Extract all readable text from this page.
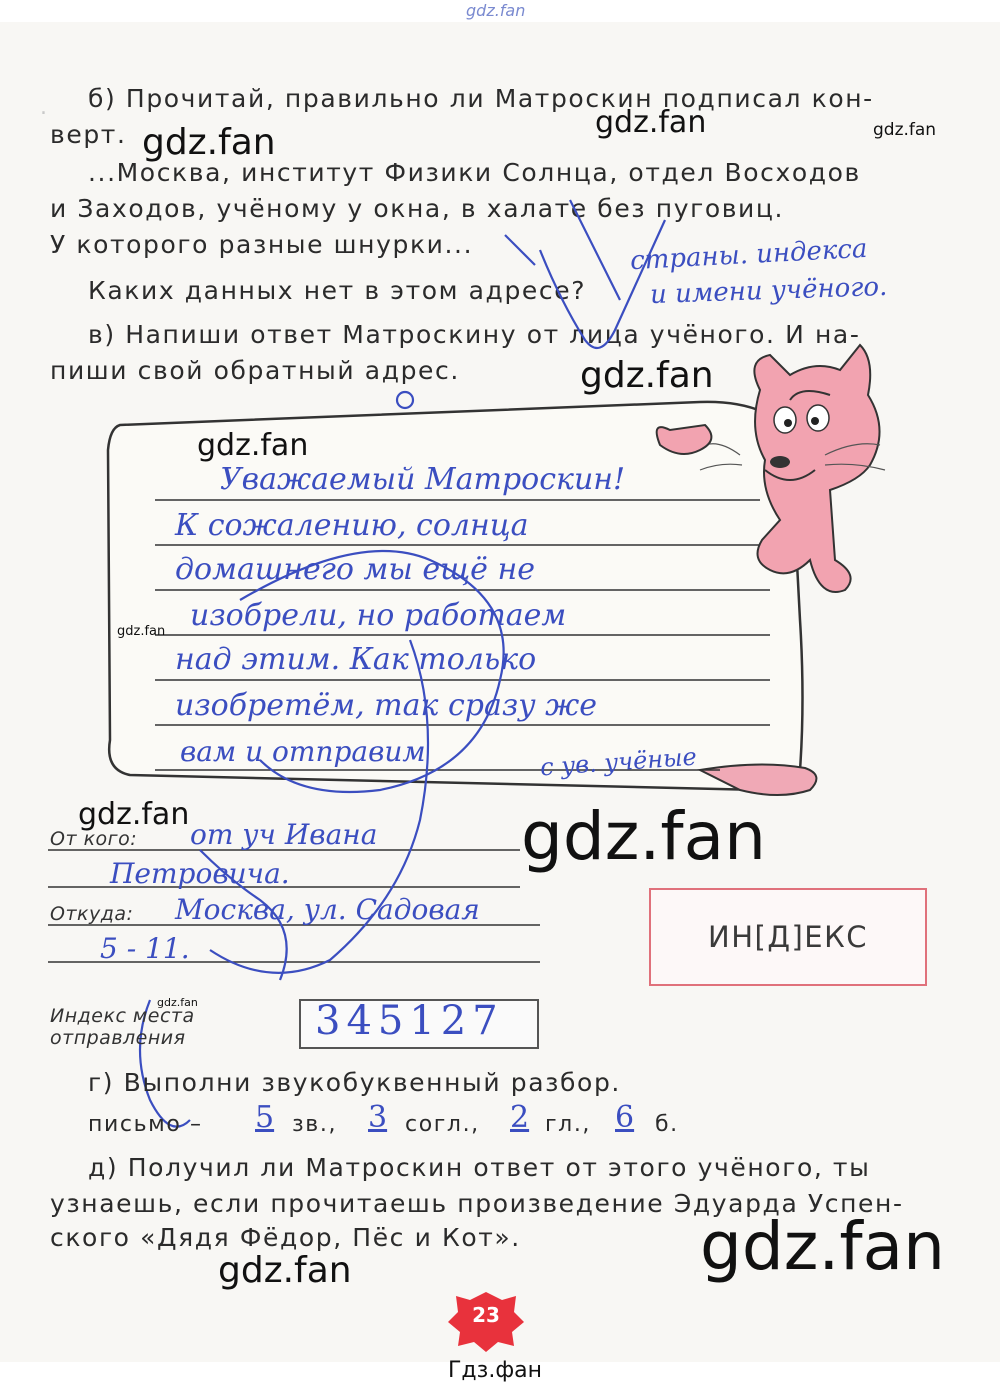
gdz.fan
. б) Прочитай, правильно ли Матроскин подписал кон-
верт.
...Москва, институт Физики Солнца, отдел Восходов
и Заходов, учёному у окна, в халате без пуговиц.
У которого разные шнурки...
Каких данных нет в этом адресе?
страны. индекса
и имени учёного.
в) Напиши ответ Матроскину от лица учёного. И на-
пиши свой обратный адрес.
Уважаемый Матроскин!
К сожалению, солнца
домашнего мы ещё не
изобрели, но работаем
над этим. Как только
изобретём, так сразу же
вам и отправим	с ув. учёные
От кого: от уч Ивана
Петровича.
Откуда: Москва, ул. Садовая
5 - 11.
Индекс места
отправления	345127
ИН[Д]ЕКС
г) Выполни звукобуквенный разбор.
письмо – 5 зв., 3 согл., 2 гл., 6 б.
д) Получил ли Матроскин ответ от этого учёного, ты
узнаешь, если прочитаешь произведение Эдуарда Успен-
ского «Дядя Фёдор, Пёс и Кот».
23
Гдз.фан
gdz.fan	gdz.fan
gdz.fan
gdz.fan
gdz.fan
gdz.fan
gdz.fan	gdz.fan
gdz.fan
gdz.fan
gdz.fan
